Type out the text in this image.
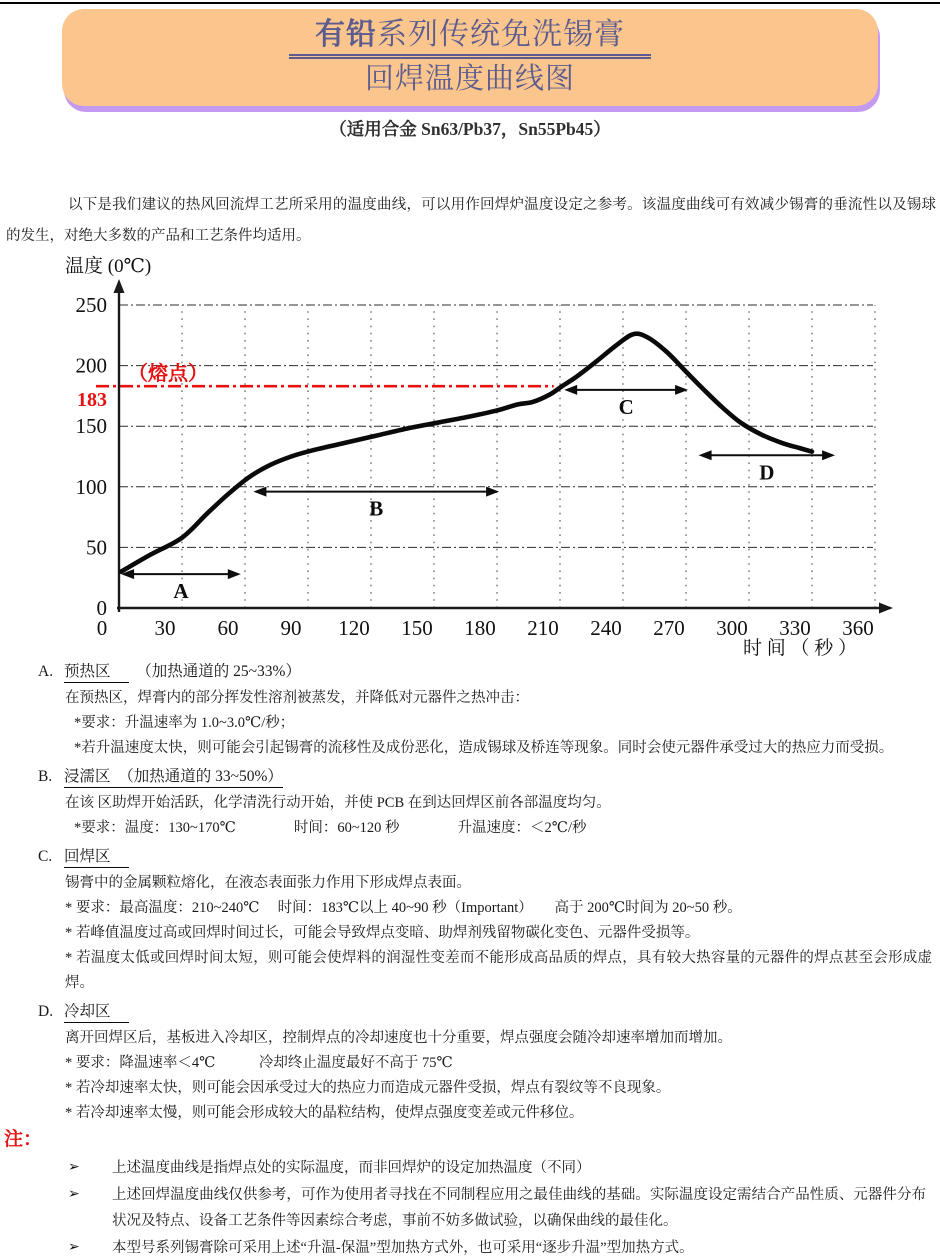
有铅系列传统免洗锡膏
回焊温度曲线图
（适用合金 Sn63/Pb37，Sn55Pb45）

以下是我们建议的热风回流焊工艺所采用的温度曲线，可以用作回焊炉温度设定之参考。该温度曲线可有效减少锡膏的垂流性以及锡球的发生，对绝大多数的产品和工艺条件均适用。

A
B
C
D
0
50
100
150
200
250
183
0 30 60 90 120 150 180 210 240 270 300 330 360
温度 (0℃)
时 间 （ 秒 ）
（熔点）
A. 预热区　（加热通道的 25~33%）
在预热区，焊膏内的部分挥发性溶剂被蒸发，并降低对元器件之热冲击：
*要求：升温速率为 1.0~3.0℃/秒；
*若升温速度太快，则可能会引起锡膏的流移性及成份恶化，造成锡球及桥连等现象。同时会使元器件承受过大的热应力而受损。
B. 浸濡区　（加热通道的 33~50%）
在该 区助焊开始活跃，化学清洗行动开始，并使 PCB 在到达回焊区前各部温度均匀。
*要求：温度：130~170℃　　　　时间：60~120 秒　　　　升温速度：＜2℃/秒
C. 回焊区
锡膏中的金属颗粒熔化，在液态表面张力作用下形成焊点表面。
* 要求：最高温度：210~240℃　 时间：183℃以上 40~90 秒（Important）　　高于 200℃时间为 20~50 秒。
* 若峰值温度过高或回焊时间过长，可能会导致焊点变暗、助焊剂残留物碳化变色、元器件受损等。
* 若温度太低或回焊时间太短，则可能会使焊料的润湿性变差而不能形成高品质的焊点，具有较大热容量的元器件的焊点甚至会形成虚焊。
D. 冷却区
离开回焊区后，基板进入冷却区，控制焊点的冷却速度也十分重要，焊点强度会随冷却速率增加而增加。
* 要求：降温速率＜4℃　　　冷却终止温度最好不高于 75℃
* 若冷却速率太快，则可能会因承受过大的热应力而造成元器件受损，焊点有裂纹等不良现象。
* 若冷却速率太慢，则可能会形成较大的晶粒结构，使焊点强度变差或元件移位。
注：
➢ 上述温度曲线是指焊点处的实际温度，而非回焊炉的设定加热温度（不同）
➢ 上述回焊温度曲线仅供参考，可作为使用者寻找在不同制程应用之最佳曲线的基础。实际温度设定需结合产品性质、元器件分布状况及特点、设备工艺条件等因素综合考虑，事前不妨多做试验，以确保曲线的最佳化。
➢ 本型号系列锡膏除可采用上述“升温-保温”型加热方式外，也可采用“逐步升温”型加热方式。
